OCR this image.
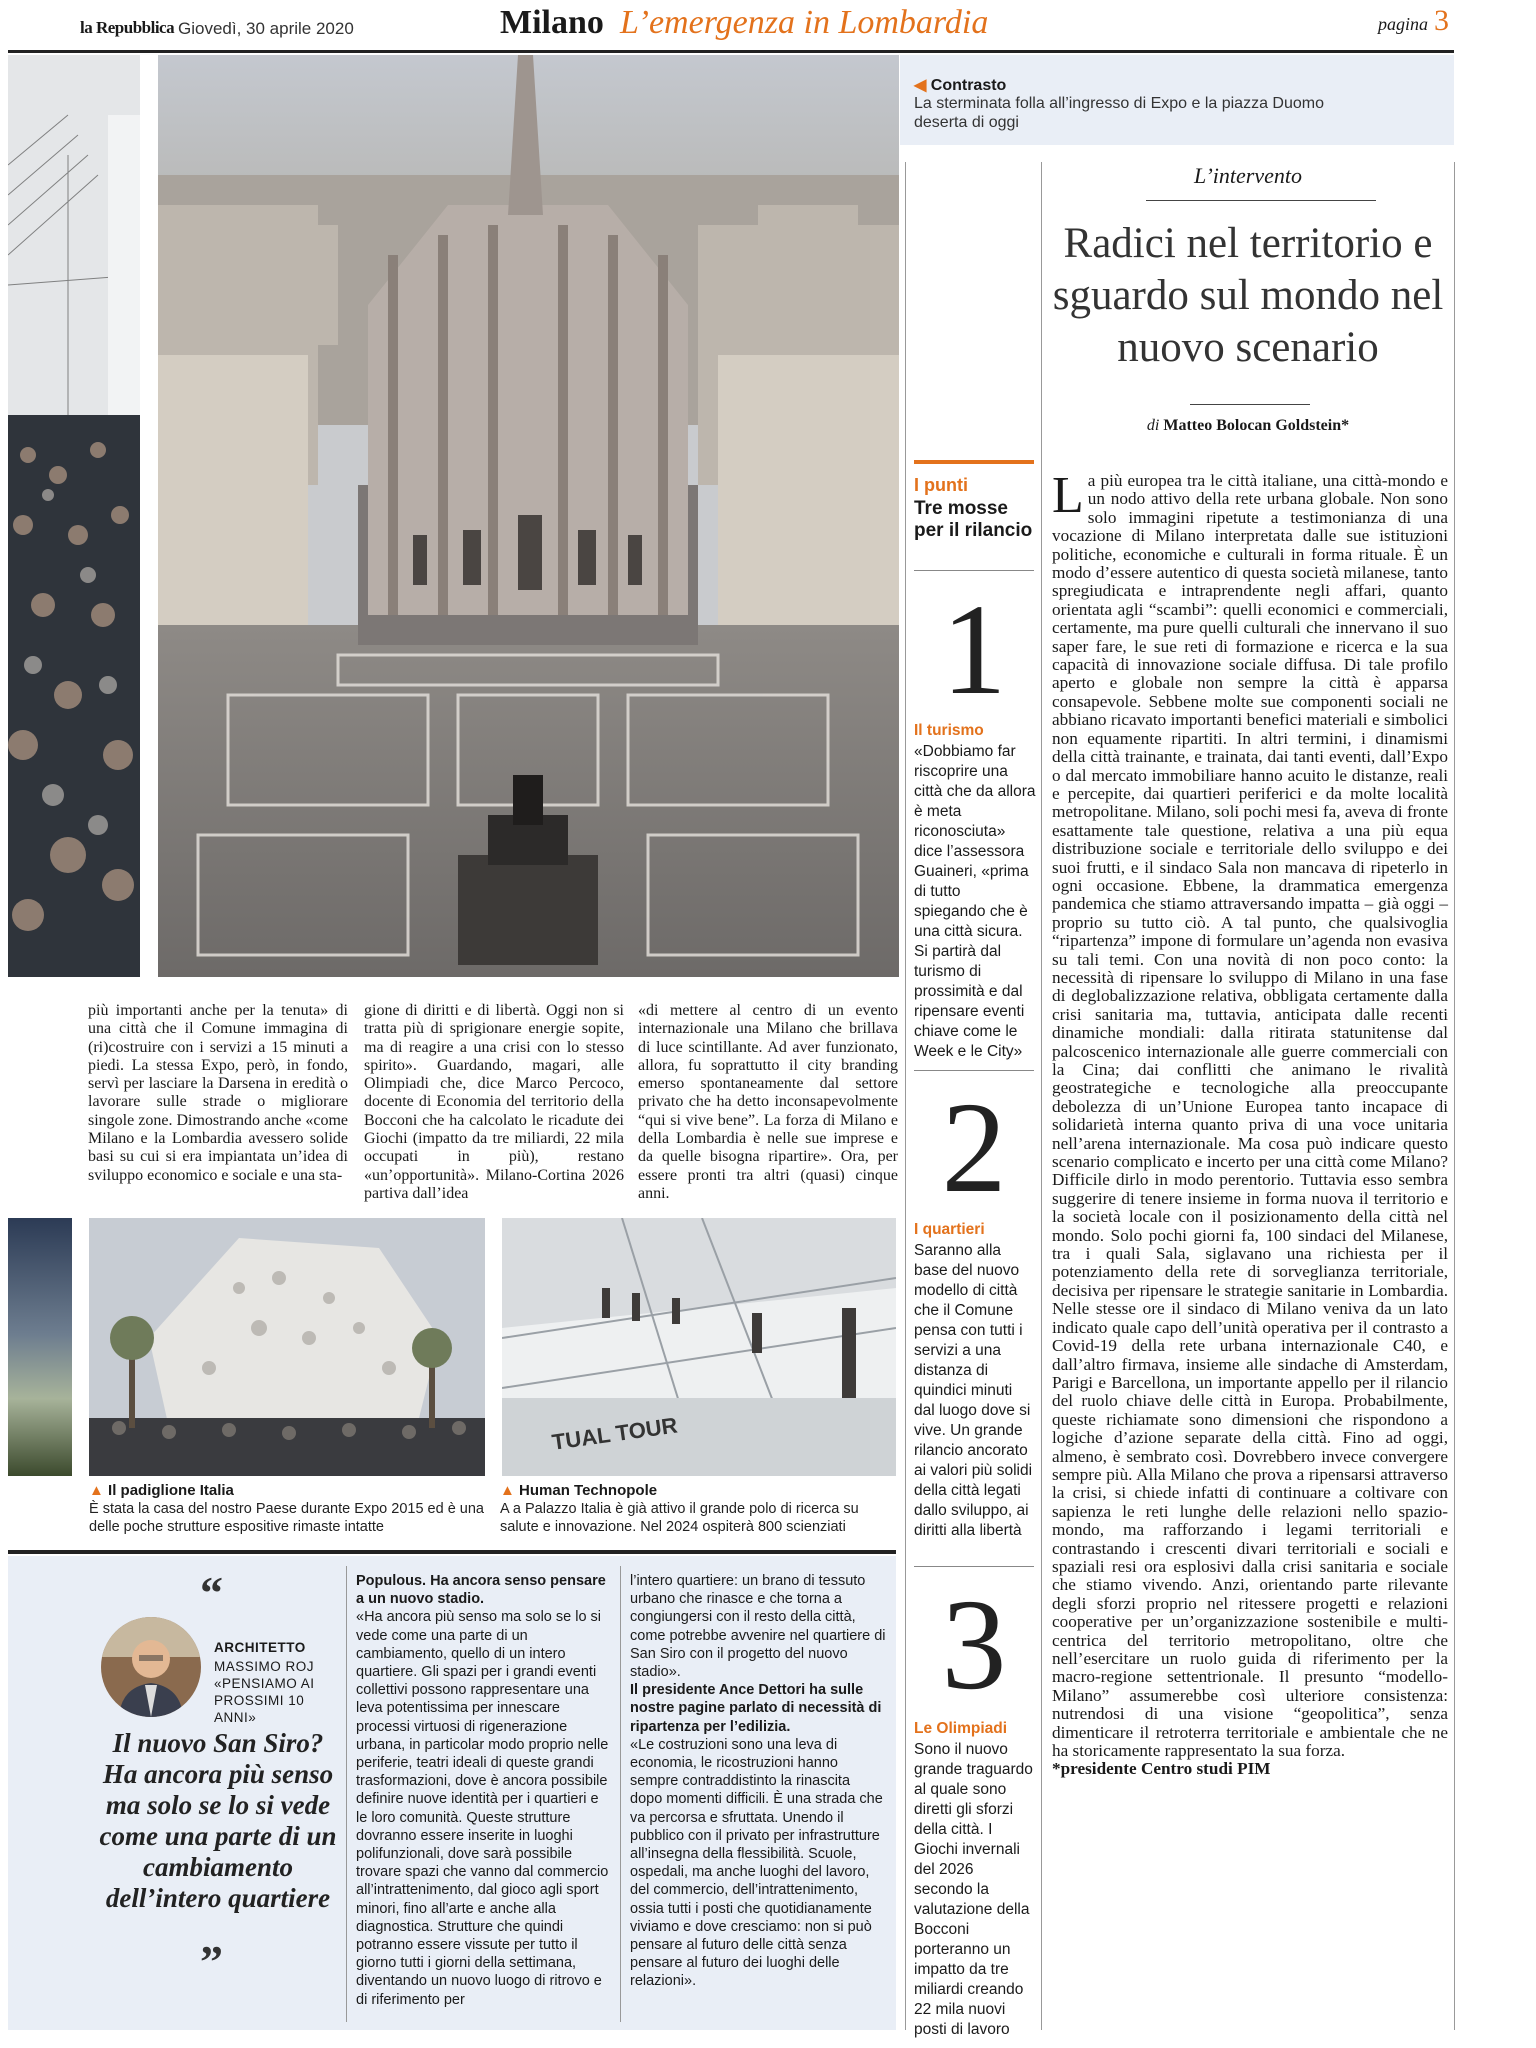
la Repubblica Giovedì, 30 aprile 2020	Milano L’emergenza in Lombardia	pagina 3
◀ Contrasto
La sterminata folla all’ingresso di Expo e la piazza Duomo deserta di oggi
più importanti anche per la tenuta» di una città che il Comune immagina di (ri)costruire con i servizi a 15 minuti a piedi. La stessa Expo, però, in fondo, servì per lasciare la Darsena in eredità o lavorare sulle strade o migliorare singole zone. Dimostrando anche «come Milano e la Lombardia avessero solide basi su cui si era impiantata un’idea di sviluppo economico e sociale e una sta-
gione di diritti e di libertà. Oggi non si tratta più di sprigionare energie sopite, ma di reagire a una crisi con lo stesso spirito». Guardando, magari, alle Olimpiadi che, dice Marco Percoco, docente di Economia del territorio della Bocconi che ha calcolato le ricadute dei Giochi (impatto da tre miliardi, 22 mila occupati in più), restano «un’opportunità». Milano-Cortina 2026 partiva dall’idea
«di mettere al centro di un evento internazionale una Milano che brillava di luce scintillante. Ad aver funzionato, allora, fu soprattutto il city branding emerso spontaneamente dal settore privato che ha detto inconsapevolmente “qui si vive bene”. La forza di Milano e della Lombardia è nelle sue imprese e da quelle bisogna ripartire». Ora, per essere pronti tra altri (quasi) cinque anni.
TUAL TOUR
▲ Il padiglione Italia
È stata la casa del nostro Paese durante Expo 2015 ed è una delle poche strutture espositive rimaste intatte
▲ Human Technopole
A a Palazzo Italia è già attivo il grande polo di ricerca su salute e innovazione. Nel 2024 ospiterà 800 scienziati
“
ARCHITETTO
MASSIMO ROJ «PENSIAMO AI PROSSIMI 10 ANNI»
Il nuovo San Siro? Ha ancora più senso ma solo se lo si vede come una parte di un cambiamento dell’intero quartiere
”
Populous. Ha ancora senso pensare a un nuovo stadio.
«Ha ancora più senso ma solo se lo si vede come una parte di un cambiamento, quello di un intero quartiere. Gli spazi per i grandi eventi collettivi possono rappresentare una leva potentissima per innescare processi virtuosi di rigenerazione urbana, in particolar modo proprio nelle periferie, teatri ideali di queste grandi trasformazioni, dove è ancora possibile definire nuove identità per i quartieri e le loro comunità. Queste strutture dovranno essere inserite in luoghi polifunzionali, dove sarà possibile trovare spazi che vanno dal commercio all’intrattenimento, dal gioco agli sport minori, fino all’arte e anche alla diagnostica. Strutture che quindi potranno essere vissute per tutto il giorno tutti i giorni della settimana, diventando un nuovo luogo di ritrovo e di riferimento per
l’intero quartiere: un brano di tessuto urbano che rinasce e che torna a congiungersi con il resto della città, come potrebbe avvenire nel quartiere di San Siro con il progetto del nuovo stadio».
Il presidente Ance Dettori ha sulle nostre pagine parlato di necessità di ripartenza per l’edilizia.
«Le costruzioni sono una leva di economia, le ricostruzioni hanno sempre contraddistinto la rinascita dopo momenti difficili. È una strada che va percorsa e sfruttata. Unendo il pubblico con il privato per infrastrutture all’insegna della flessibilità. Scuole, ospedali, ma anche luoghi del lavoro, del commercio, dell’intrattenimento, ossia tutti i posti che quotidianamente viviamo e dove cresciamo: non si può pensare al futuro delle città senza pensare al futuro dei luoghi delle relazioni».
I punti
Tre mosse per il rilancio
1
Il turismo
«Dobbiamo far riscoprire una città che da allora è meta riconosciuta» dice l’assessora Guaineri, «prima di tutto spiegando che è una città sicura. Si partirà dal turismo di prossimità e dal ripensare eventi chiave come le Week e le City»
2
I quartieri
Saranno alla base del nuovo modello di città che il Comune pensa con tutti i servizi a una distanza di quindici minuti dal luogo dove si vive. Un grande rilancio ancorato ai valori più solidi della città legati dallo sviluppo, ai diritti alla libertà
3
Le Olimpiadi
Sono il nuovo grande traguardo al quale sono diretti gli sforzi della città. I Giochi invernali del 2026 secondo la valutazione della Bocconi porteranno un impatto da tre miliardi creando 22 mila nuovi posti di lavoro
L’intervento
Radici nel territorio e sguardo sul mondo nel nuovo scenario
di Matteo Bolocan Goldstein*
La più europea tra le città italiane, una città-mondo e un nodo attivo della rete urbana globale. Non sono solo immagini ripetute a testimonianza di una vocazione di Milano interpretata dalle sue istituzioni politiche, economiche e culturali in forma rituale. È un modo d’essere autentico di questa società milanese, tanto spregiudicata e intraprendente negli affari, quanto orientata agli “scambi”: quelli economici e commerciali, certamente, ma pure quelli culturali che innervano il suo saper fare, le sue reti di formazione e ricerca e la sua capacità di innovazione sociale diffusa. Di tale profilo aperto e globale non sempre la città è apparsa consapevole. Sebbene molte sue componenti sociali ne abbiano ricavato importanti benefici materiali e simbolici non equamente ripartiti. In altri termini, i dinamismi della città trainante, e trainata, dai tanti eventi, dall’Expo o dal mercato immobiliare hanno acuito le distanze, reali e percepite, dai quartieri periferici e da molte località metropolitane. Milano, soli pochi mesi fa, aveva di fronte esattamente tale questione, relativa a una più equa distribuzione sociale e territoriale dello sviluppo e dei suoi frutti, e il sindaco Sala non mancava di ripeterlo in ogni occasione. Ebbene, la drammatica emergenza pandemica che stiamo attraversando impatta – già oggi – proprio su tutto ciò. A tal punto, che qualsivoglia “ripartenza” impone di formulare un’agenda non evasiva su tali temi. Con una novità di non poco conto: la necessità di ripensare lo sviluppo di Milano in una fase di deglobalizzazione relativa, obbligata certamente dalla crisi sanitaria ma, tuttavia, anticipata dalle recenti dinamiche mondiali: dalla ritirata statunitense dal palcoscenico internazionale alle guerre commerciali con la Cina; dai conflitti che animano le rivalità geostrategiche e tecnologiche alla preoccupante debolezza di un’Unione Europea tanto incapace di solidarietà interna quanto priva di una voce unitaria nell’arena internazionale. Ma cosa può indicare questo scenario complicato e incerto per una città come Milano? Difficile dirlo in modo perentorio. Tuttavia esso sembra suggerire di tenere insieme in forma nuova il territorio e la società locale con il posizionamento della città nel mondo. Solo pochi giorni fa, 100 sindaci del Milanese, tra i quali Sala, siglavano una richiesta per il potenziamento della rete di sorveglianza territoriale, decisiva per ripensare le strategie sanitarie in Lombardia. Nelle stesse ore il sindaco di Milano veniva da un lato indicato quale capo dell’unità operativa per il contrasto a Covid-19 della rete urbana internazionale C40, e dall’altro firmava, insieme alle sindache di Amsterdam, Parigi e Barcellona, un importante appello per il rilancio del ruolo chiave delle città in Europa. Probabilmente, queste richiamate sono dimensioni che rispondono a logiche d’azione separate della città. Fino ad oggi, almeno, è sembrato così. Dovrebbero invece convergere sempre più. Alla Milano che prova a ripensarsi attraverso la crisi, si chiede infatti di continuare a coltivare con sapienza le reti lunghe delle relazioni nello spazio-mondo, ma rafforzando i legami territoriali e contrastando i crescenti divari territoriali e sociali e spaziali resi ora esplosivi dalla crisi sanitaria e sociale che stiamo vivendo. Anzi, orientando parte rilevante degli sforzi proprio nel ritessere progetti e relazioni cooperative per un’organizzazione sostenibile e multi-centrica del territorio metropolitano, oltre che nell’esercitare un ruolo guida di riferimento per la macro-regione settentrionale. Il presunto “modello-Milano” assumerebbe così ulteriore consistenza: nutrendosi di una visione “geopolitica”, senza dimenticare il retroterra territoriale e ambientale che ne ha storicamente rappresentato la sua forza.
*presidente Centro studi PIM
